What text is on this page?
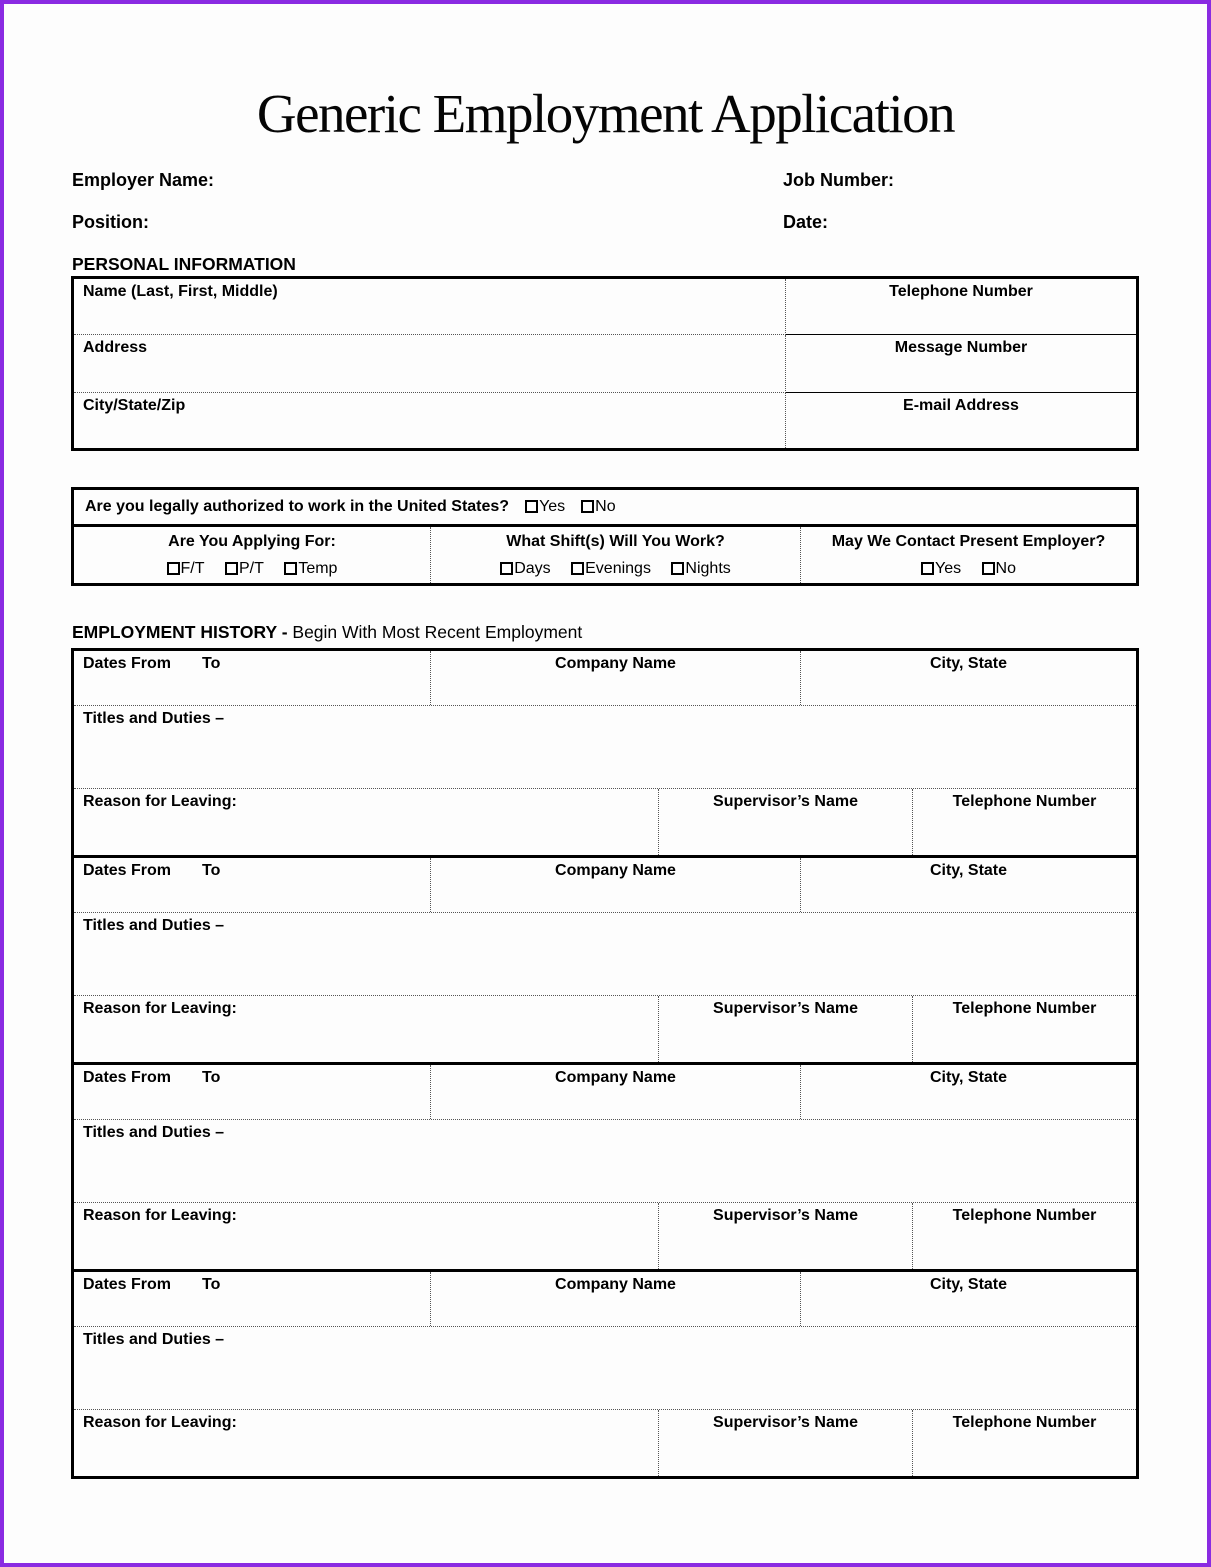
Generic Employment Application
Employer Name:	Job Number:
Position:	Date:
PERSONAL INFORMATION
Name (Last, First, Middle)	Telephone Number
Address	Message Number
City/State/Zip	E-mail Address
Are you legally authorized to work in the United States?	Yes	No
Are You Applying For:
F/T P/T Temp
What Shift(s) Will You Work?
Days Evenings Nights
May We Contact Present Employer?
Yes No
EMPLOYMENT HISTORY - Begin With Most Recent Employment
Dates From To	Company Name	City, State
Titles and Duties –
Reason for Leaving:	Supervisor’s Name	Telephone Number
Dates From To	Company Name	City, State
Titles and Duties –
Reason for Leaving:	Supervisor’s Name	Telephone Number
Dates From To	Company Name	City, State
Titles and Duties –
Reason for Leaving:	Supervisor’s Name	Telephone Number
Dates From To	Company Name	City, State
Titles and Duties –
Reason for Leaving:	Supervisor’s Name	Telephone Number
